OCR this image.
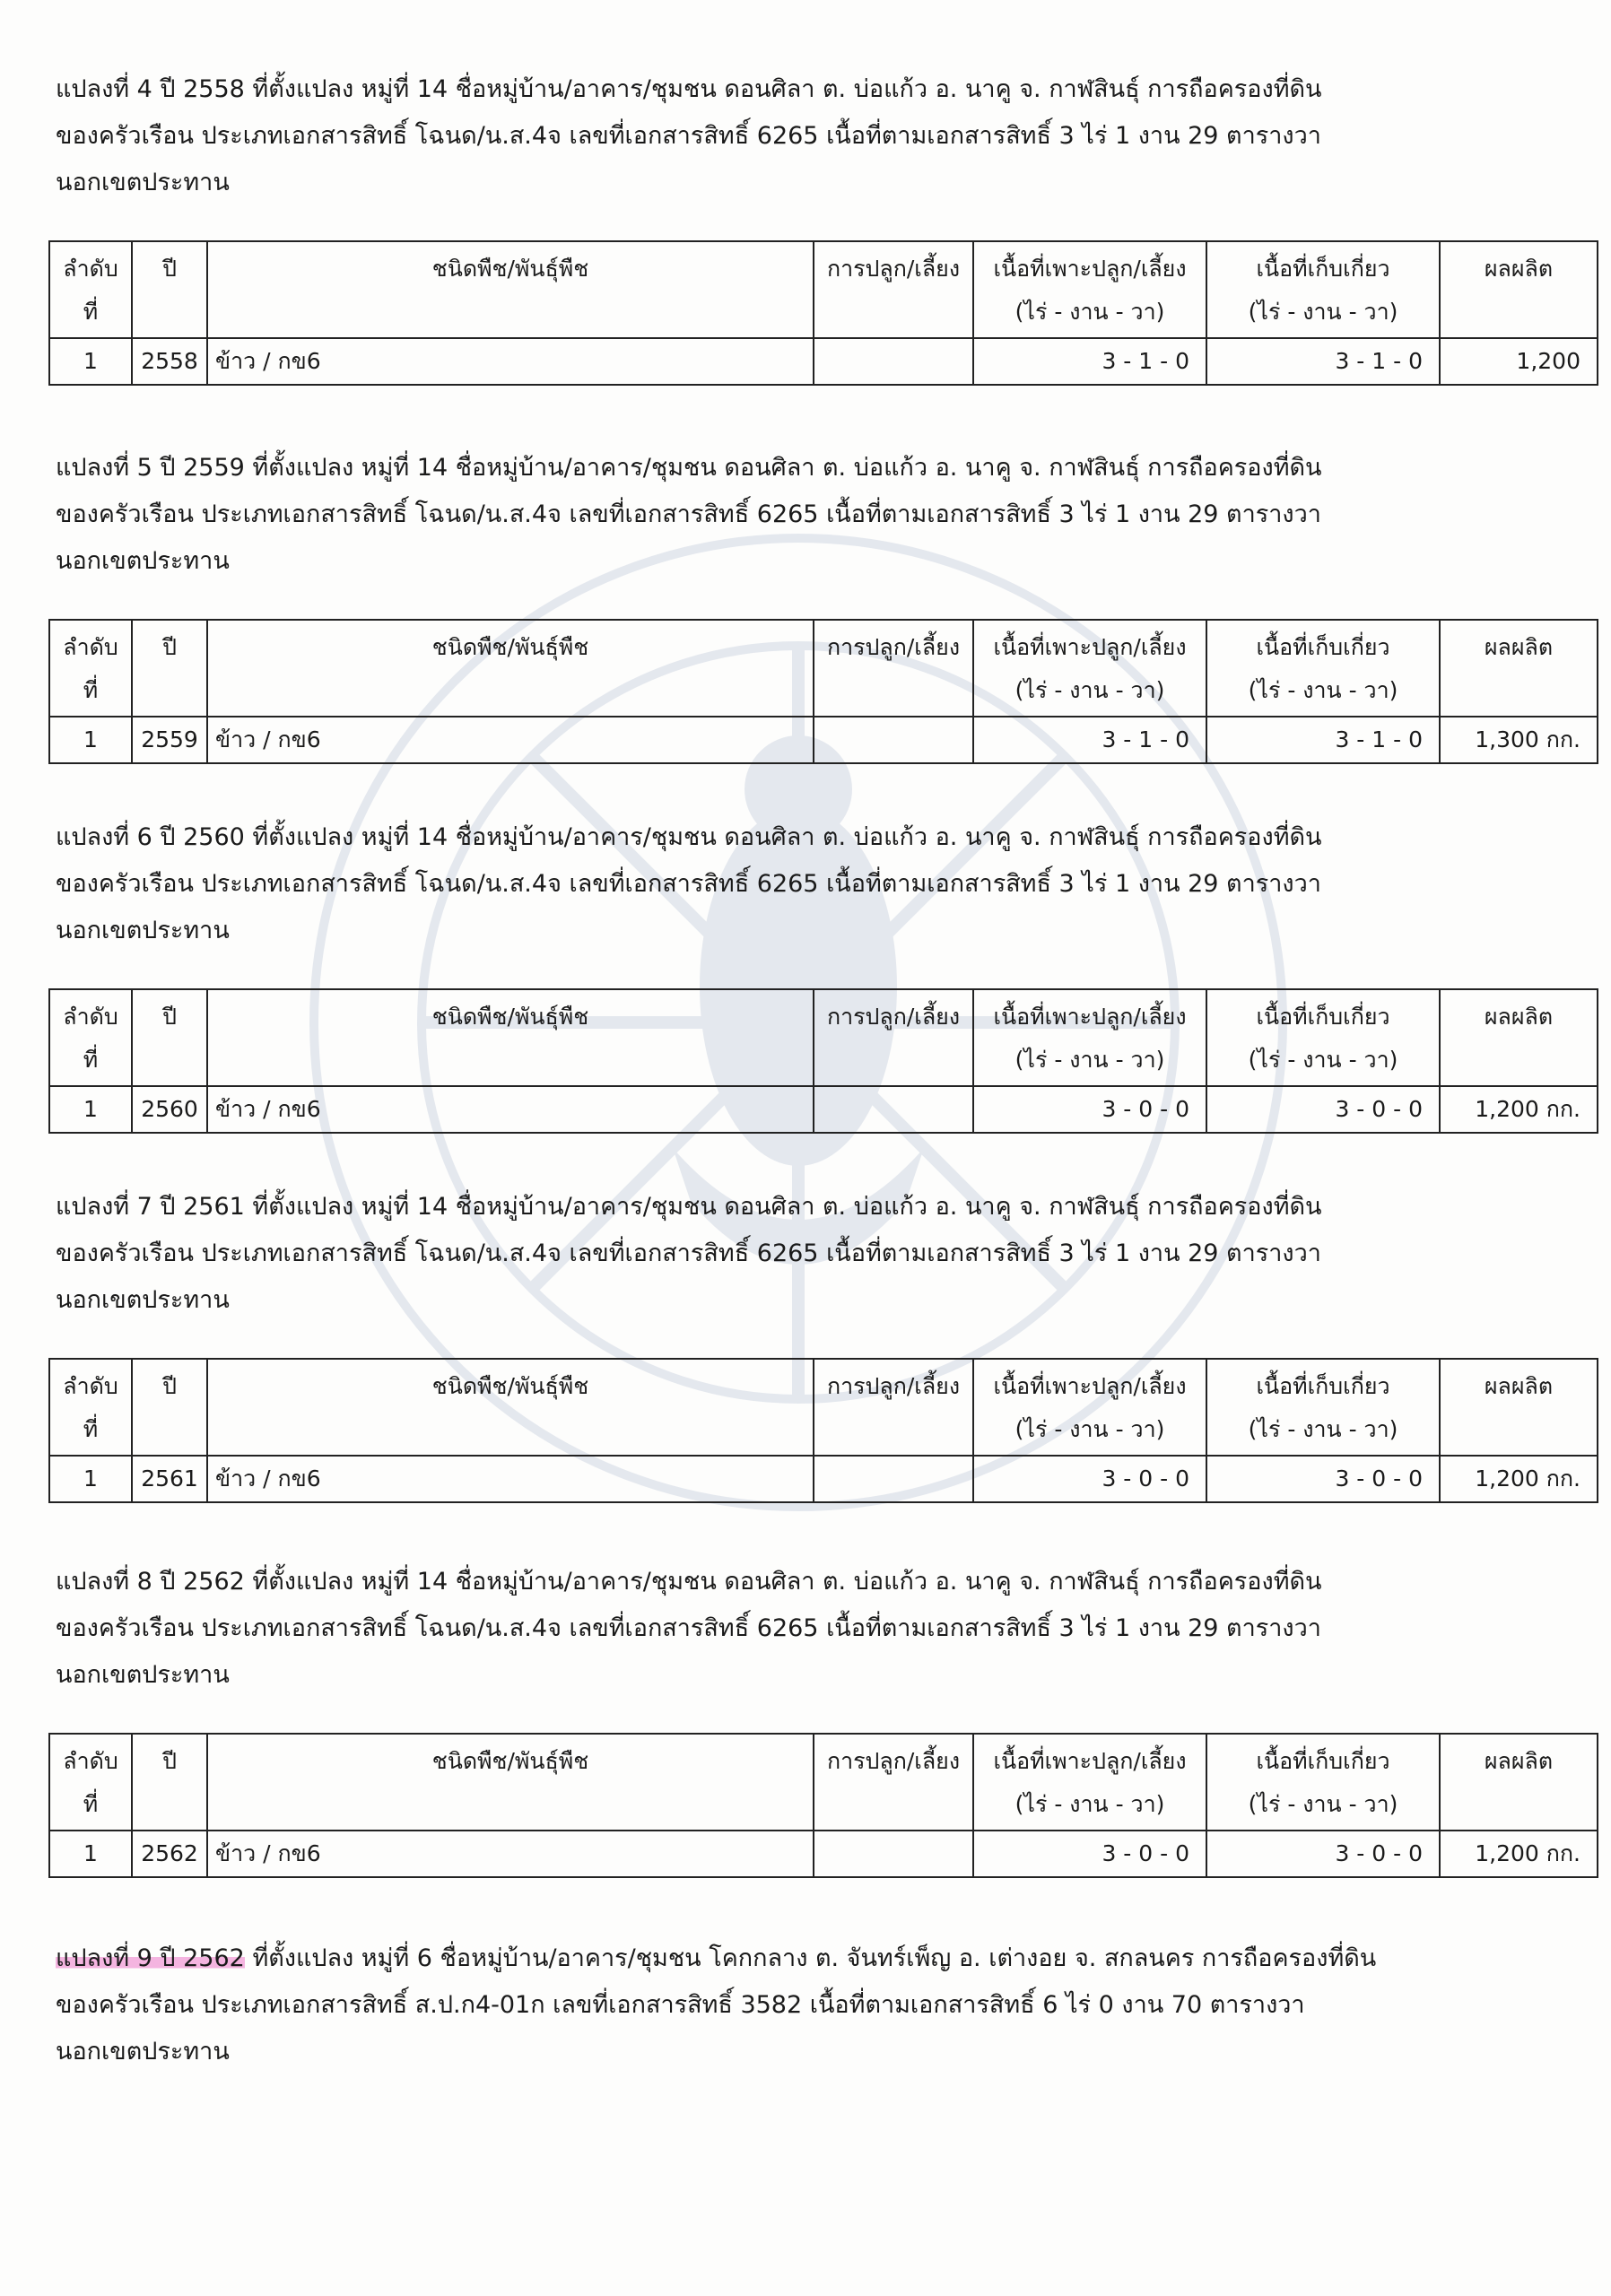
แปลงที่ 4 ปี 2558 ที่ตั้งแปลง หมู่ที่ 14 ชื่อหมู่บ้าน/อาคาร/ชุมชน ดอนศิลา ต. บ่อแก้ว อ. นาคู จ. กาฬสินธุ์ การถือครองที่ดิน
ของครัวเรือน ประเภทเอกสารสิทธิ์ โฉนด/น.ส.4จ เลขที่เอกสารสิทธิ์ 6265 เนื้อที่ตามเอกสารสิทธิ์ 3 ไร่ 1 งาน 29 ตารางวา
นอกเขตประทาน

ลำดับที่	ปี	ชนิดพืช/พันธุ์พืช	การปลูก/เลี้ยง	เนื้อที่เพาะปลูก/เลี้ยง
(ไร่ - งาน - วา)	เนื้อที่เก็บเกี่ยว
(ไร่ - งาน - วา)	ผลผลิต
1	2558	ข้าว / กข6		3 - 1 - 0	3 - 1 - 0	1,200

แปลงที่ 5 ปี 2559 ที่ตั้งแปลง หมู่ที่ 14 ชื่อหมู่บ้าน/อาคาร/ชุมชน ดอนศิลา ต. บ่อแก้ว อ. นาคู จ. กาฬสินธุ์ การถือครองที่ดิน
ของครัวเรือน ประเภทเอกสารสิทธิ์ โฉนด/น.ส.4จ เลขที่เอกสารสิทธิ์ 6265 เนื้อที่ตามเอกสารสิทธิ์ 3 ไร่ 1 งาน 29 ตารางวา
นอกเขตประทาน

ลำดับที่	ปี	ชนิดพืช/พันธุ์พืช	การปลูก/เลี้ยง	เนื้อที่เพาะปลูก/เลี้ยง
(ไร่ - งาน - วา)	เนื้อที่เก็บเกี่ยว
(ไร่ - งาน - วา)	ผลผลิต
1	2559	ข้าว / กข6		3 - 1 - 0	3 - 1 - 0	1,300 กก.

แปลงที่ 6 ปี 2560 ที่ตั้งแปลง หมู่ที่ 14 ชื่อหมู่บ้าน/อาคาร/ชุมชน ดอนศิลา ต. บ่อแก้ว อ. นาคู จ. กาฬสินธุ์ การถือครองที่ดิน
ของครัวเรือน ประเภทเอกสารสิทธิ์ โฉนด/น.ส.4จ เลขที่เอกสารสิทธิ์ 6265 เนื้อที่ตามเอกสารสิทธิ์ 3 ไร่ 1 งาน 29 ตารางวา
นอกเขตประทาน

ลำดับที่	ปี	ชนิดพืช/พันธุ์พืช	การปลูก/เลี้ยง	เนื้อที่เพาะปลูก/เลี้ยง
(ไร่ - งาน - วา)	เนื้อที่เก็บเกี่ยว
(ไร่ - งาน - วา)	ผลผลิต
1	2560	ข้าว / กข6		3 - 0 - 0	3 - 0 - 0	1,200 กก.

แปลงที่ 7 ปี 2561 ที่ตั้งแปลง หมู่ที่ 14 ชื่อหมู่บ้าน/อาคาร/ชุมชน ดอนศิลา ต. บ่อแก้ว อ. นาคู จ. กาฬสินธุ์ การถือครองที่ดิน
ของครัวเรือน ประเภทเอกสารสิทธิ์ โฉนด/น.ส.4จ เลขที่เอกสารสิทธิ์ 6265 เนื้อที่ตามเอกสารสิทธิ์ 3 ไร่ 1 งาน 29 ตารางวา
นอกเขตประทาน

ลำดับที่	ปี	ชนิดพืช/พันธุ์พืช	การปลูก/เลี้ยง	เนื้อที่เพาะปลูก/เลี้ยง
(ไร่ - งาน - วา)	เนื้อที่เก็บเกี่ยว
(ไร่ - งาน - วา)	ผลผลิต
1	2561	ข้าว / กข6		3 - 0 - 0	3 - 0 - 0	1,200 กก.

แปลงที่ 8 ปี 2562 ที่ตั้งแปลง หมู่ที่ 14 ชื่อหมู่บ้าน/อาคาร/ชุมชน ดอนศิลา ต. บ่อแก้ว อ. นาคู จ. กาฬสินธุ์ การถือครองที่ดิน
ของครัวเรือน ประเภทเอกสารสิทธิ์ โฉนด/น.ส.4จ เลขที่เอกสารสิทธิ์ 6265 เนื้อที่ตามเอกสารสิทธิ์ 3 ไร่ 1 งาน 29 ตารางวา
นอกเขตประทาน

ลำดับที่	ปี	ชนิดพืช/พันธุ์พืช	การปลูก/เลี้ยง	เนื้อที่เพาะปลูก/เลี้ยง
(ไร่ - งาน - วา)	เนื้อที่เก็บเกี่ยว
(ไร่ - งาน - วา)	ผลผลิต
1	2562	ข้าว / กข6		3 - 0 - 0	3 - 0 - 0	1,200 กก.

แปลงที่ 9 ปี 2562 ที่ตั้งแปลง หมู่ที่ 6 ชื่อหมู่บ้าน/อาคาร/ชุมชน โคกกลาง ต. จันทร์เพ็ญ อ. เต่างอย จ. สกลนคร การถือครองที่ดิน
ของครัวเรือน ประเภทเอกสารสิทธิ์ ส.ป.ก4-01ก เลขที่เอกสารสิทธิ์ 3582 เนื้อที่ตามเอกสารสิทธิ์ 6 ไร่ 0 งาน 70 ตารางวา
นอกเขตประทาน
